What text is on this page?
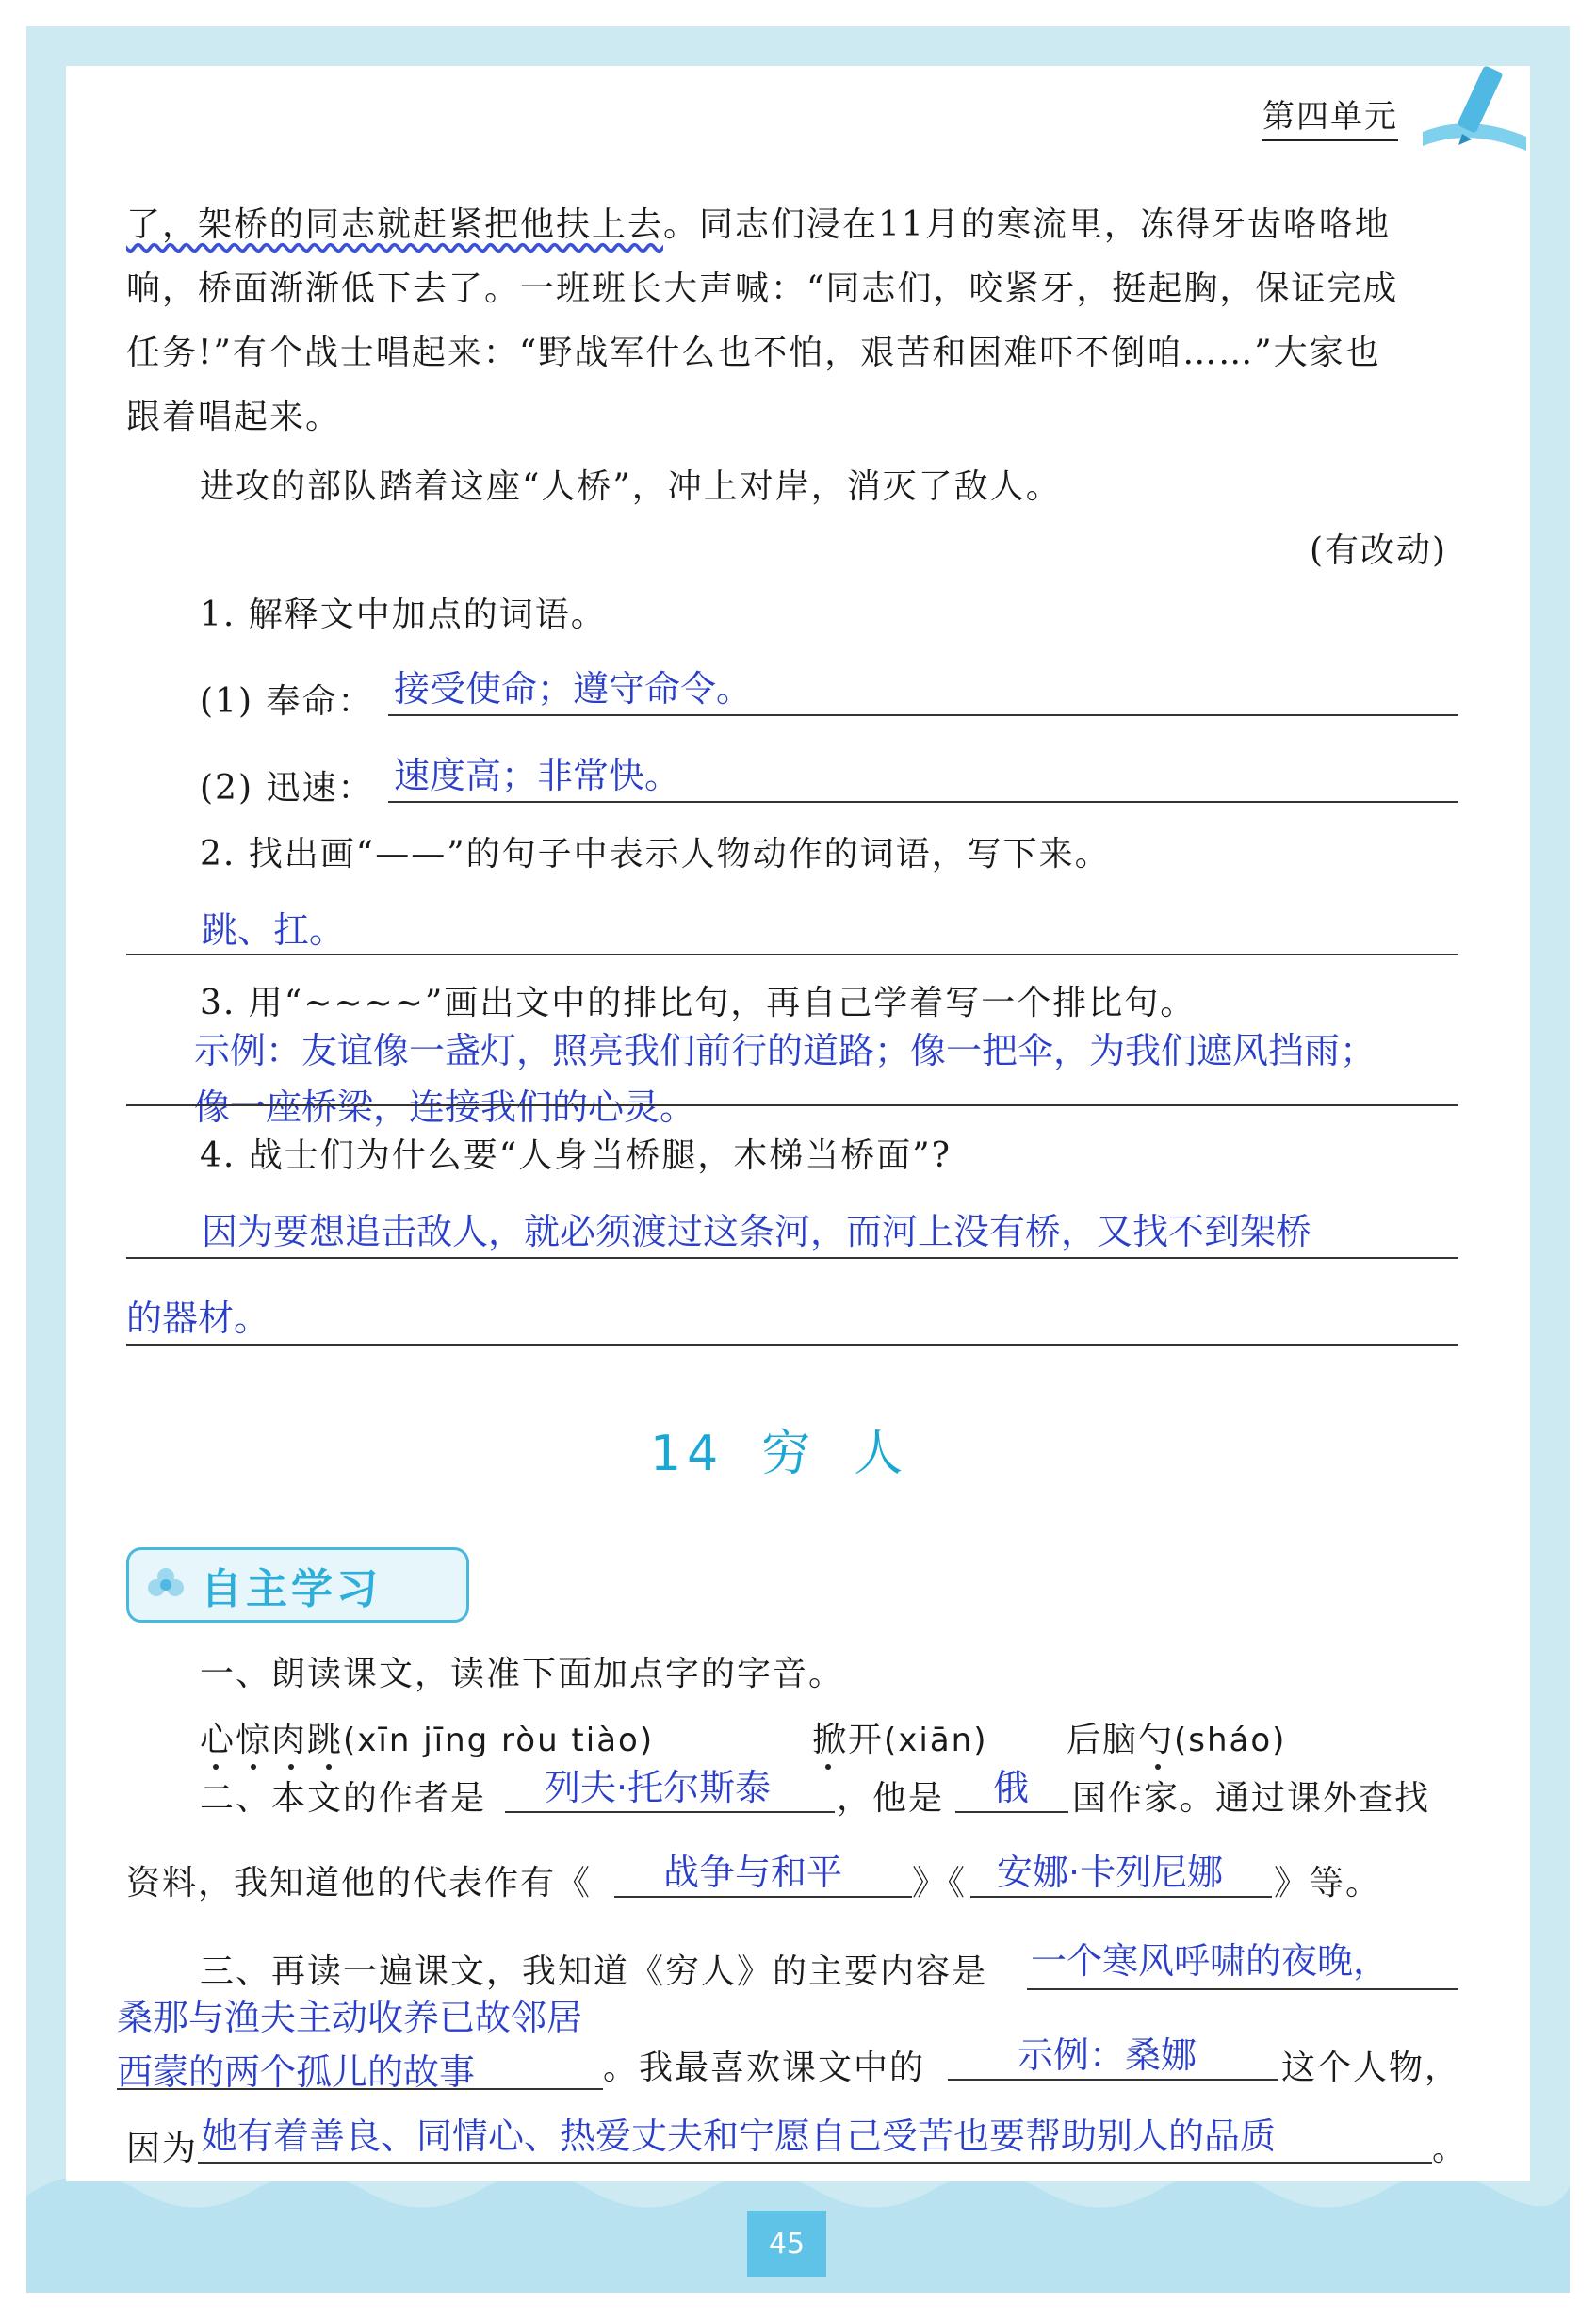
第四单元
了，架桥的同志就赶紧把他扶上去。同志们浸在11月的寒流里，冻得牙齿咯咯地
响，桥面渐渐低下去了。一班班长大声喊：“同志们，咬紧牙，挺起胸，保证完成
任务!”有个战士唱起来：“野战军什么也不怕，艰苦和困难吓不倒咱……”大家也
跟着唱起来。
进攻的部队踏着这座“人桥”，冲上对岸，消灭了敌人。
(有改动)
1. 解释文中加点的词语。
(1) 奉命： 接受使命；遵守命令。
(2) 迅速： 速度高；非常快。
2. 找出画“——”的句子中表示人物动作的词语，写下来。
跳、扛。
3. 用“~~~~”画出文中的排比句，再自己学着写一个排比句。
示例：友谊像一盏灯，照亮我们前行的道路；像一把伞，为我们遮风挡雨；
像一座桥梁，连接我们的心灵。
4. 战士们为什么要“人身当桥腿，木梯当桥面”?
因为要想追击敌人，就必须渡过这条河，而河上没有桥，又找不到架桥
的器材。
14 穷 人
自主学习
一、朗读课文，读准下面加点字的字音。
心惊肉跳(xīn jīng ròu tiào)	掀开(xiān) 后脑勺(sháo)
二、本文的作者是 列夫·托尔斯泰 ，他是 俄 国作家。通过课外查找
资料，我知道他的代表作有《 战争与和平 》《 安娜·卡列尼娜 》等。
三、再读一遍课文，我知道《穷人》的主要内容是 一个寒风呼啸的夜晚，
桑那与渔夫主动收养已故邻居
西蒙的两个孤儿的故事	。我最喜欢课文中的	示例：桑娜 这个人物，
因为 她有着善良、同情心、热爱丈夫和宁愿自己受苦也要帮助别人的品质	。
45
